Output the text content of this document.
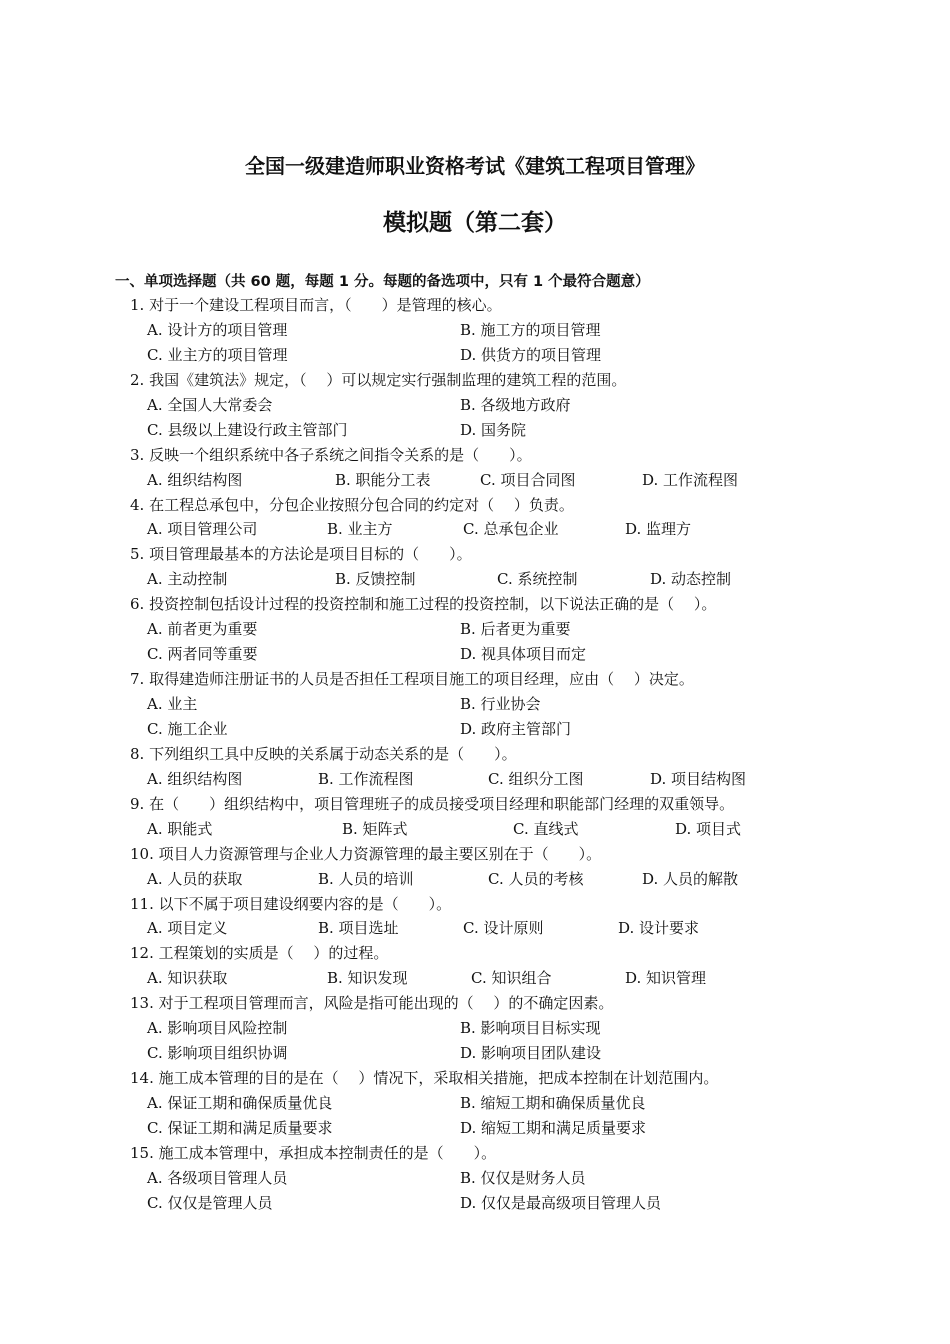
全国一级建造师职业资格考试《建筑工程项目管理》
模拟题（第二套）
一、单项选择题（共 60 题，每题 1 分。每题的备选项中，只有 1 个最符合题意）
1. 对于一个建设工程项目而言，（　　）是管理的核心。
A. 设计方的项目管理	B. 施工方的项目管理
C. 业主方的项目管理	D. 供货方的项目管理
2. 我国《建筑法》规定，（　 ）可以规定实行强制监理的建筑工程的范围。
A. 全国人大常委会	B. 各级地方政府
C. 县级以上建设行政主管部门	D. 国务院
3. 反映一个组织系统中各子系统之间指令关系的是（　　）。
A. 组织结构图	B. 职能分工表	C. 项目合同图	D. 工作流程图
4. 在工程总承包中，分包企业按照分包合同的约定对（　 ）负责。
A. 项目管理公司	B. 业主方	C. 总承包企业	D. 监理方
5. 项目管理最基本的方法论是项目目标的（　　）。
A. 主动控制	B. 反馈控制	C. 系统控制	D. 动态控制
6. 投资控制包括设计过程的投资控制和施工过程的投资控制，以下说法正确的是（　 ）。
A. 前者更为重要	B. 后者更为重要
C. 两者同等重要	D. 视具体项目而定
7. 取得建造师注册证书的人员是否担任工程项目施工的项目经理，应由（　 ）决定。
A. 业主	B. 行业协会
C. 施工企业	D. 政府主管部门
8. 下列组织工具中反映的关系属于动态关系的是（　　）。
A. 组织结构图	B. 工作流程图	C. 组织分工图	D. 项目结构图
9. 在（　　）组织结构中，项目管理班子的成员接受项目经理和职能部门经理的双重领导。
A. 职能式	B. 矩阵式	C. 直线式	D. 项目式
10. 项目人力资源管理与企业人力资源管理的最主要区别在于（　　）。
A. 人员的获取	B. 人员的培训	C. 人员的考核	D. 人员的解散
11. 以下不属于项目建设纲要内容的是（　　）。
A. 项目定义	B. 项目选址	C. 设计原则	D. 设计要求
12. 工程策划的实质是（　 ）的过程。
A. 知识获取	B. 知识发现	C. 知识组合	D. 知识管理
13. 对于工程项目管理而言，风险是指可能出现的（　 ）的不确定因素。
A. 影响项目风险控制	B. 影响项目目标实现
C. 影响项目组织协调	D. 影响项目团队建设
14. 施工成本管理的目的是在（　 ）情况下，采取相关措施，把成本控制在计划范围内。
A. 保证工期和确保质量优良	B. 缩短工期和确保质量优良
C. 保证工期和满足质量要求	D. 缩短工期和满足质量要求
15. 施工成本管理中，承担成本控制责任的是（　　）。
A. 各级项目管理人员	B. 仅仅是财务人员
C. 仅仅是管理人员	D. 仅仅是最高级项目管理人员
